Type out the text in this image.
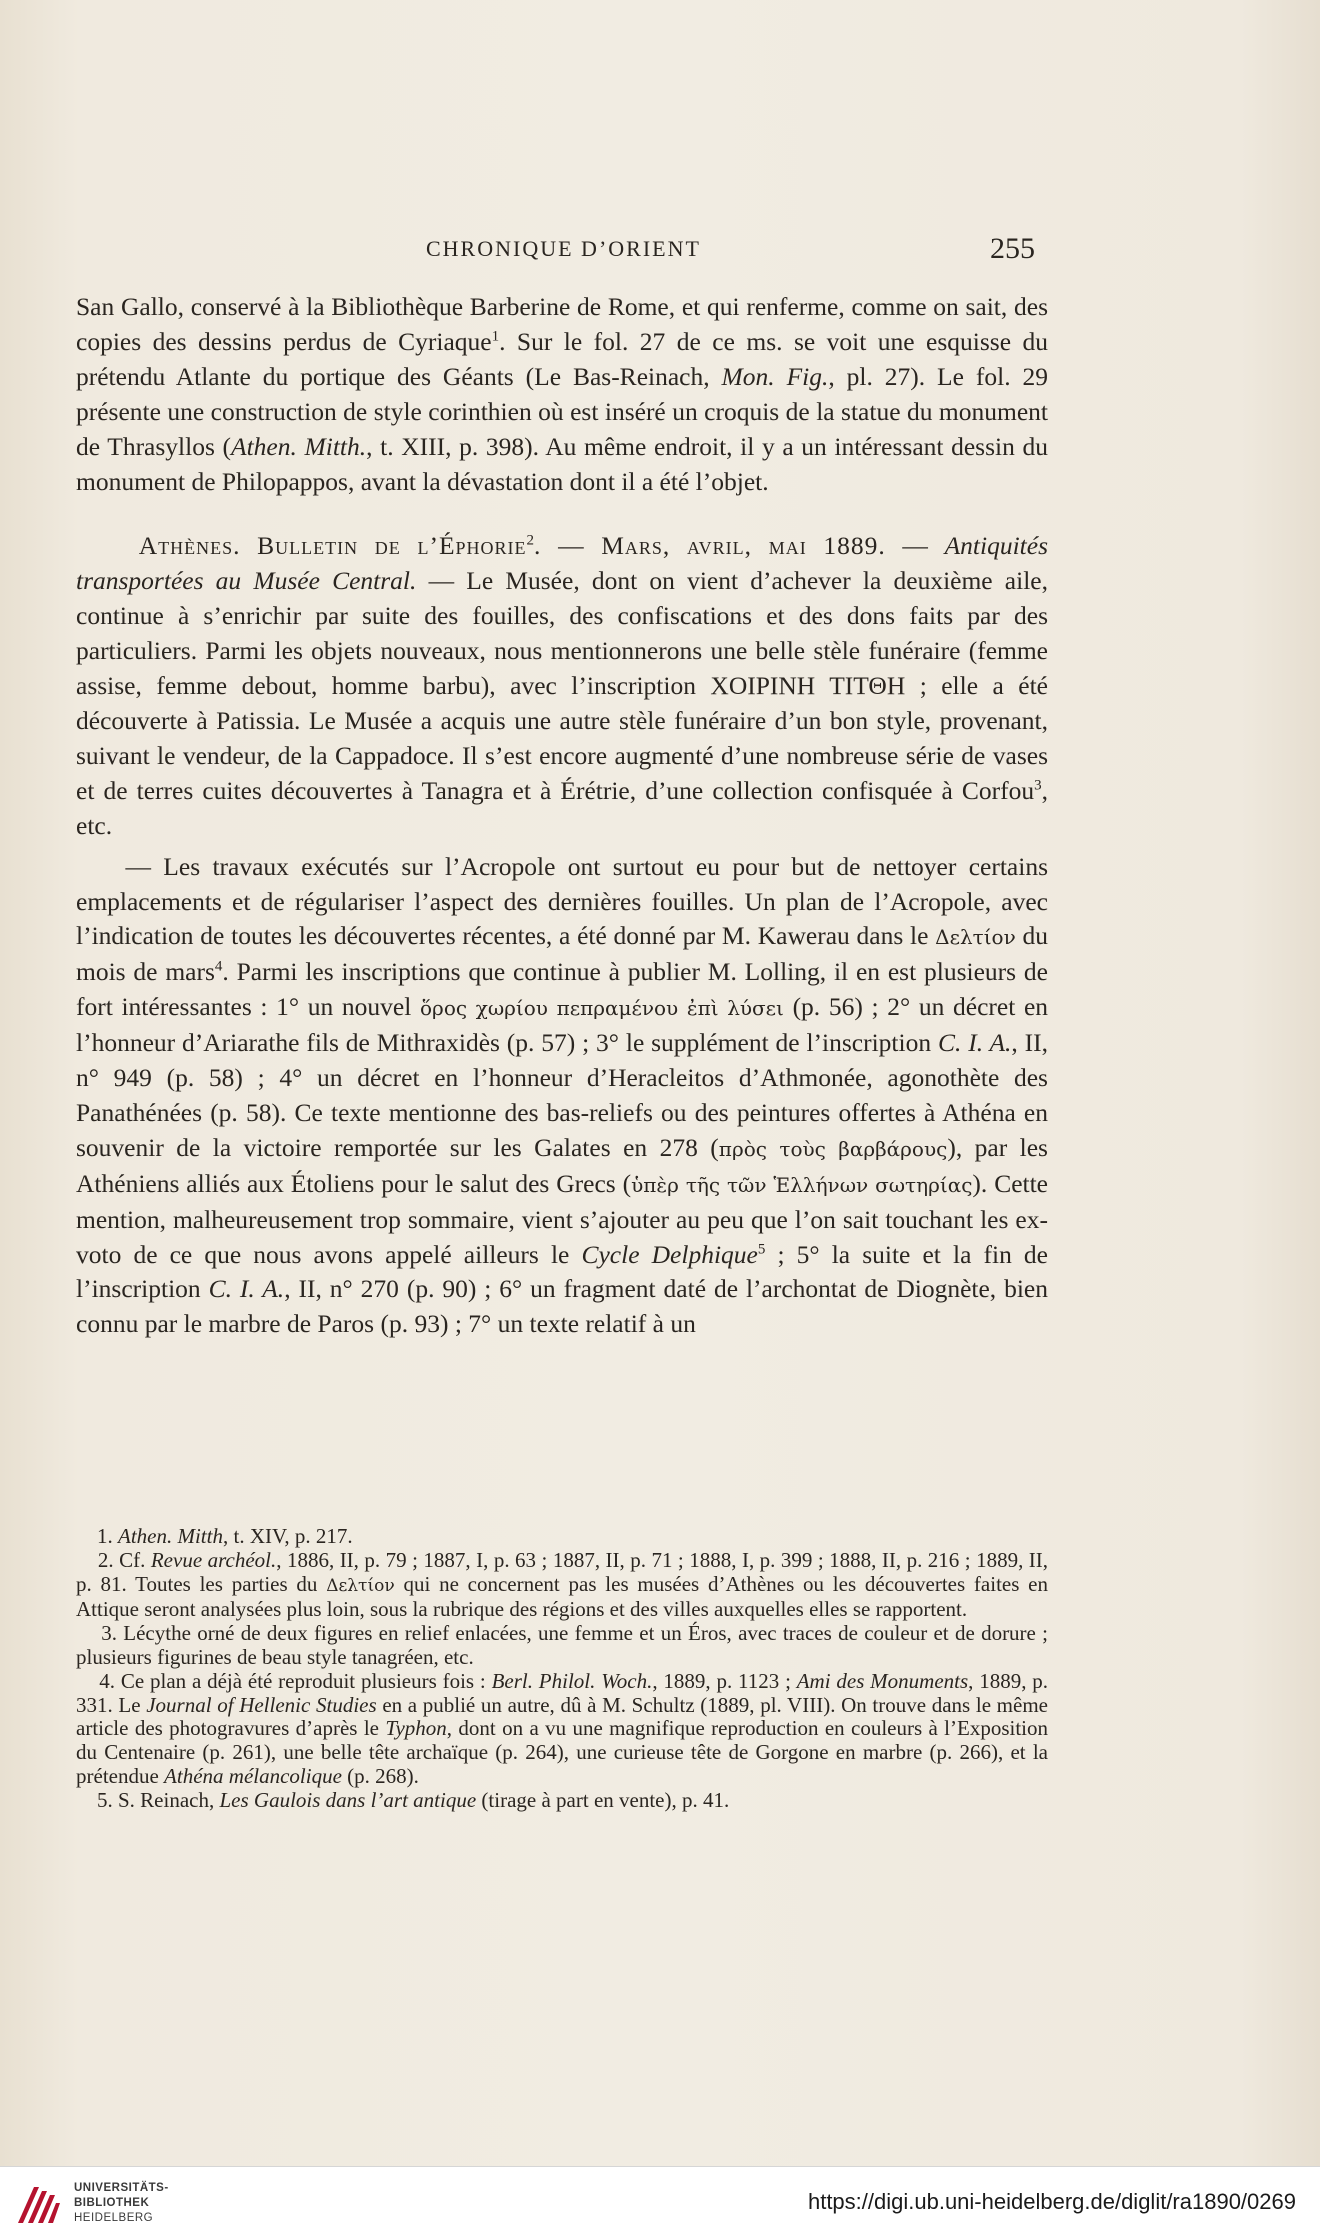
CHRONIQUE D’ORIENT	255

San Gallo, conservé à la Bibliothèque Barberine de Rome, et qui renferme, comme on sait, des copies des dessins perdus de Cyriaque$^1$. Sur le fol. 27 de ce ms. se voit une esquisse du prétendu Atlante du portique des Géants (Le Bas-Reinach, Mon. Fig., pl. 27). Le fol. 29 présente une construction de style corinthien où est inséré un croquis de la statue du monument de Thrasyllos (Athen. Mitth., t. XIII, p. 398). Au même endroit, il y a un intéressant dessin du monument de Philopappos, avant la dévastation dont il a été l’objet.

Athènes. Bulletin de l’Éphorie$^2$. — Mars, avril, mai 1889. — Antiquités transportées au Musée Central. — Le Musée, dont on vient d’achever la deuxième aile, continue à s’enrichir par suite des fouilles, des confiscations et des dons faits par des particuliers. Parmi les objets nouveaux, nous mentionnerons une belle stèle funéraire (femme assise, femme debout, homme barbu), avec l’inscription ΧΟΙΡΙΝΗ ΤΙΤΘΗ ; elle a été découverte à Patissia. Le Musée a acquis une autre stèle funéraire d’un bon style, provenant, suivant le vendeur, de la Cappadoce. Il s’est encore augmenté d’une nombreuse série de vases et de terres cuites découvertes à Tanagra et à Érétrie, d’une collection confisquée à Corfou$^3$, etc.

— Les travaux exécutés sur l’Acropole ont surtout eu pour but de nettoyer certains emplacements et de régulariser l’aspect des dernières fouilles. Un plan de l’Acropole, avec l’indication de toutes les découvertes récentes, a été donné par M. Kawerau dans le Δελτίον du mois de mars$^4$. Parmi les inscriptions que continue à publier M. Lolling, il en est plusieurs de fort intéressantes : 1° un nouvel ὅρος χωρίου πεπραμένου ἐπὶ λύσει (p. 56) ; 2° un décret en l’honneur d’Ariarathe fils de Mithraxidès (p. 57) ; 3° le supplément de l’inscription C. I. A., II, n° 949 (p. 58) ; 4° un décret en l’honneur d’Heracleitos d’Athmonée, agonothète des Panathénées (p. 58). Ce texte mentionne des bas-reliefs ou des peintures offertes à Athéna en souvenir de la victoire remportée sur les Galates en 278 (πρὸς τοὺς βαρβάρους), par les Athéniens alliés aux Étoliens pour le salut des Grecs (ὑπὲρ τῆς τῶν Ἑλλήνων σωτηρίας). Cette mention, malheureusement trop sommaire, vient s’ajouter au peu que l’on sait touchant les ex-voto de ce que nous avons appelé ailleurs le Cycle Delphique$^5$ ; 5° la suite et la fin de l’inscription C. I. A., II, n° 270 (p. 90) ; 6° un fragment daté de l’archontat de Diognète, bien connu par le marbre de Paros (p. 93) ; 7° un texte relatif à un

1. Athen. Mitth, t. XIV, p. 217.
2. Cf. Revue archéol., 1886, II, p. 79 ; 1887, I, p. 63 ; 1887, II, p. 71 ; 1888, I, p. 399 ; 1888, II, p. 216 ; 1889, II, p. 81. Toutes les parties du Δελτίον qui ne concernent pas les musées d’Athènes ou les découvertes faites en Attique seront analysées plus loin, sous la rubrique des régions et des villes auxquelles elles se rapportent.
3. Lécythe orné de deux figures en relief enlacées, une femme et un Éros, avec traces de couleur et de dorure ; plusieurs figurines de beau style tanagréen, etc.
4. Ce plan a déjà été reproduit plusieurs fois : Berl. Philol. Woch., 1889, p. 1123 ; Ami des Monuments, 1889, p. 331. Le Journal of Hellenic Studies en a publié un autre, dû à M. Schultz (1889, pl. VIII). On trouve dans le même article des photogravures d’après le Typhon, dont on a vu une magnifique reproduction en couleurs à l’Exposition du Centenaire (p. 261), une belle tête archaïque (p. 264), une curieuse tête de Gorgone en marbre (p. 266), et la prétendue Athéna mélancolique (p. 268).
5. S. Reinach, Les Gaulois dans l’art antique (tirage à part en vente), p. 41.
UNIVERSITÄTS-
BIBLIOTHEK
HEIDELBERG
https://digi.ub.uni-heidelberg.de/diglit/ra1890/0269
